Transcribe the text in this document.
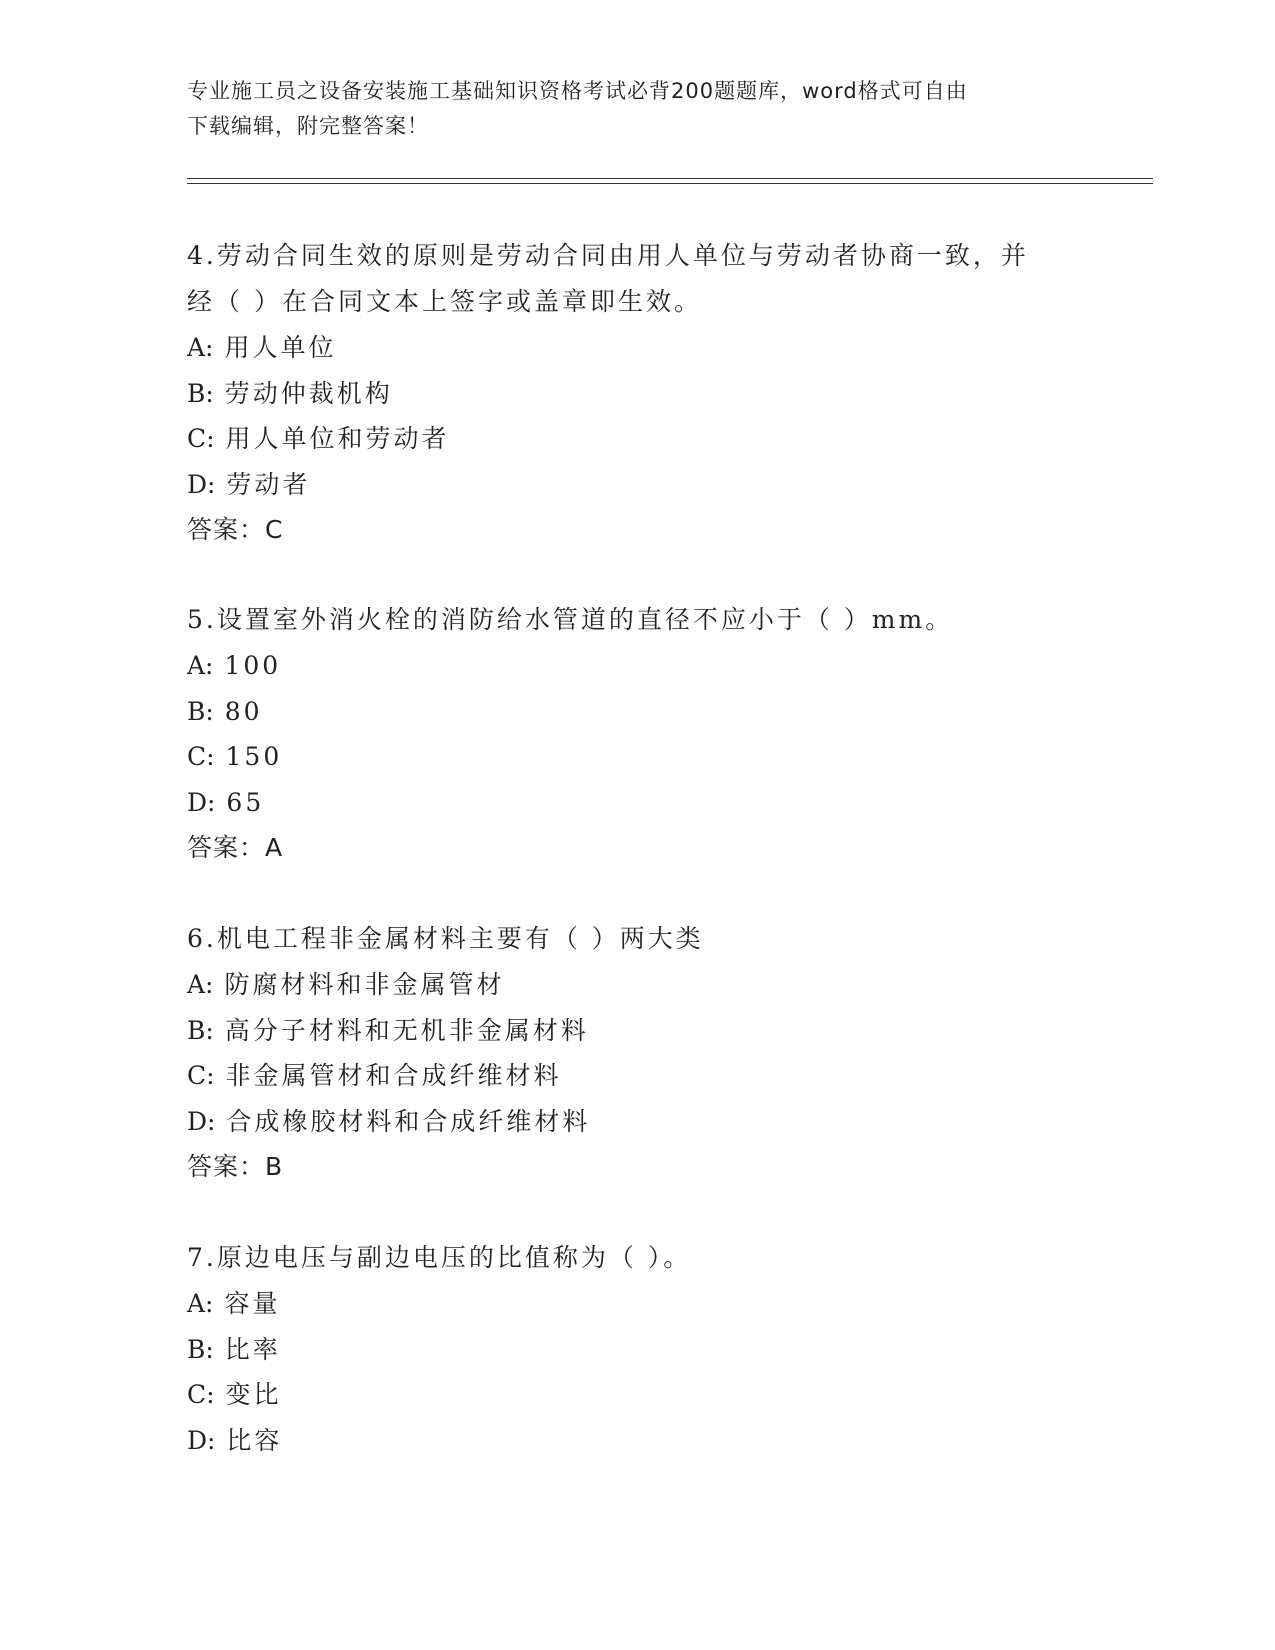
专业施工员之设备安装施工基础知识资格考试必背200题题库，word格式可自由
下载编辑，附完整答案！

4.劳动合同生效的原则是劳动合同由用人单位与劳动者协商一致，并

经（ ）在合同文本上签字或盖章即生效。

A: 用人单位

B: 劳动仲裁机构

C: 用人单位和劳动者

D: 劳动者

答案：C

5.设置室外消火栓的消防给水管道的直径不应小于（ ）mm。

A: 100

B: 80

C: 150

D: 65

答案：A

6.机电工程非金属材料主要有（ ）两大类

A: 防腐材料和非金属管材

B: 高分子材料和无机非金属材料

C: 非金属管材和合成纤维材料

D: 合成橡胶材料和合成纤维材料

答案：B

7.原边电压与副边电压的比值称为（ ）。

A: 容量

B: 比率

C: 变比

D: 比容
